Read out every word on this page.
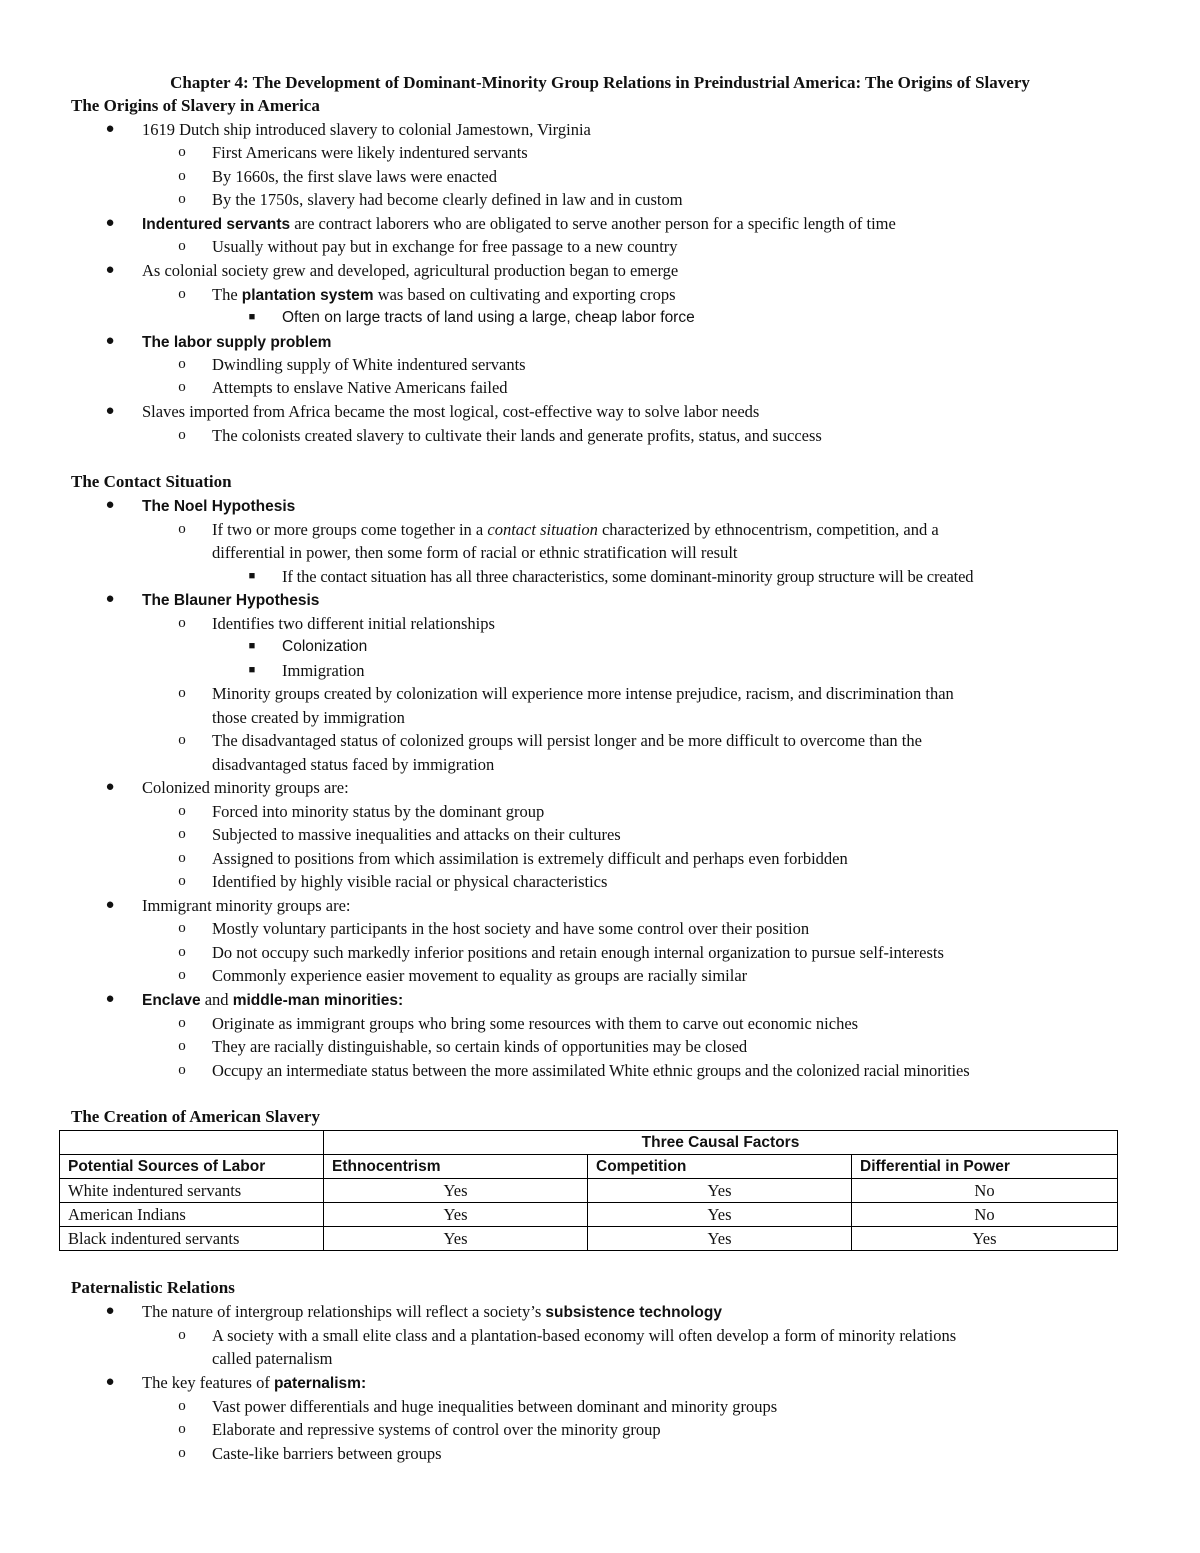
Chapter 4: The Development of Dominant-Minority Group Relations in Preindustrial America: The Origins of Slavery
The Origins of Slavery in America
●	1619 Dutch ship introduced slavery to colonial Jamestown, Virginia
o	First Americans were likely indentured servants
o	By 1660s, the first slave laws were enacted
o	By the 1750s, slavery had become clearly defined in law and in custom
●	Indentured servants are contract laborers who are obligated to serve another person for a specific length of time
o	Usually without pay but in exchange for free passage to a new country
●	As colonial society grew and developed, agricultural production began to emerge
o	The plantation system was based on cultivating and exporting crops
■	Often on large tracts of land using a large, cheap labor force
●	The labor supply problem
o	Dwindling supply of White indentured servants
o	Attempts to enslave Native Americans failed
●	Slaves imported from Africa became the most logical, cost-effective way to solve labor needs
o	The colonists created slavery to cultivate their lands and generate profits, status, and success
The Contact Situation
●	The Noel Hypothesis
o	If two or more groups come together in a contact situation characterized by ethnocentrism, competition, and a
differential in power, then some form of racial or ethnic stratification will result
■	If the contact situation has all three characteristics, some dominant-minority group structure will be created
●	The Blauner Hypothesis
o	Identifies two different initial relationships
■	Colonization
■	Immigration
o	Minority groups created by colonization will experience more intense prejudice, racism, and discrimination than
those created by immigration
o	The disadvantaged status of colonized groups will persist longer and be more difficult to overcome than the
disadvantaged status faced by immigration
●	Colonized minority groups are:
o	Forced into minority status by the dominant group
o	Subjected to massive inequalities and attacks on their cultures
o	Assigned to positions from which assimilation is extremely difficult and perhaps even forbidden
o	Identified by highly visible racial or physical characteristics
●	Immigrant minority groups are:
o	Mostly voluntary participants in the host society and have some control over their position
o	Do not occupy such markedly inferior positions and retain enough internal organization to pursue self-interests
o	Commonly experience easier movement to equality as groups are racially similar
●	Enclave and middle-man minorities:
o	Originate as immigrant groups who bring some resources with them to carve out economic niches
o	They are racially distinguishable, so certain kinds of opportunities may be closed
o	Occupy an intermediate status between the more assimilated White ethnic groups and the colonized racial minorities
The Creation of American Slavery
	Three Causal Factors		
Potential Sources of Labor	Ethnocentrism	Competition	Differential in Power
White indentured servants	Yes	Yes	No
American Indians	Yes	Yes	No
Black indentured servants	Yes	Yes	Yes
Paternalistic Relations
●	The nature of intergroup relationships will reflect a society’s subsistence technology
o	A society with a small elite class and a plantation-based economy will often develop a form of minority relations
called paternalism
●	The key features of paternalism:
o	Vast power differentials and huge inequalities between dominant and minority groups
o	Elaborate and repressive systems of control over the minority group
o	Caste-like barriers between groups
